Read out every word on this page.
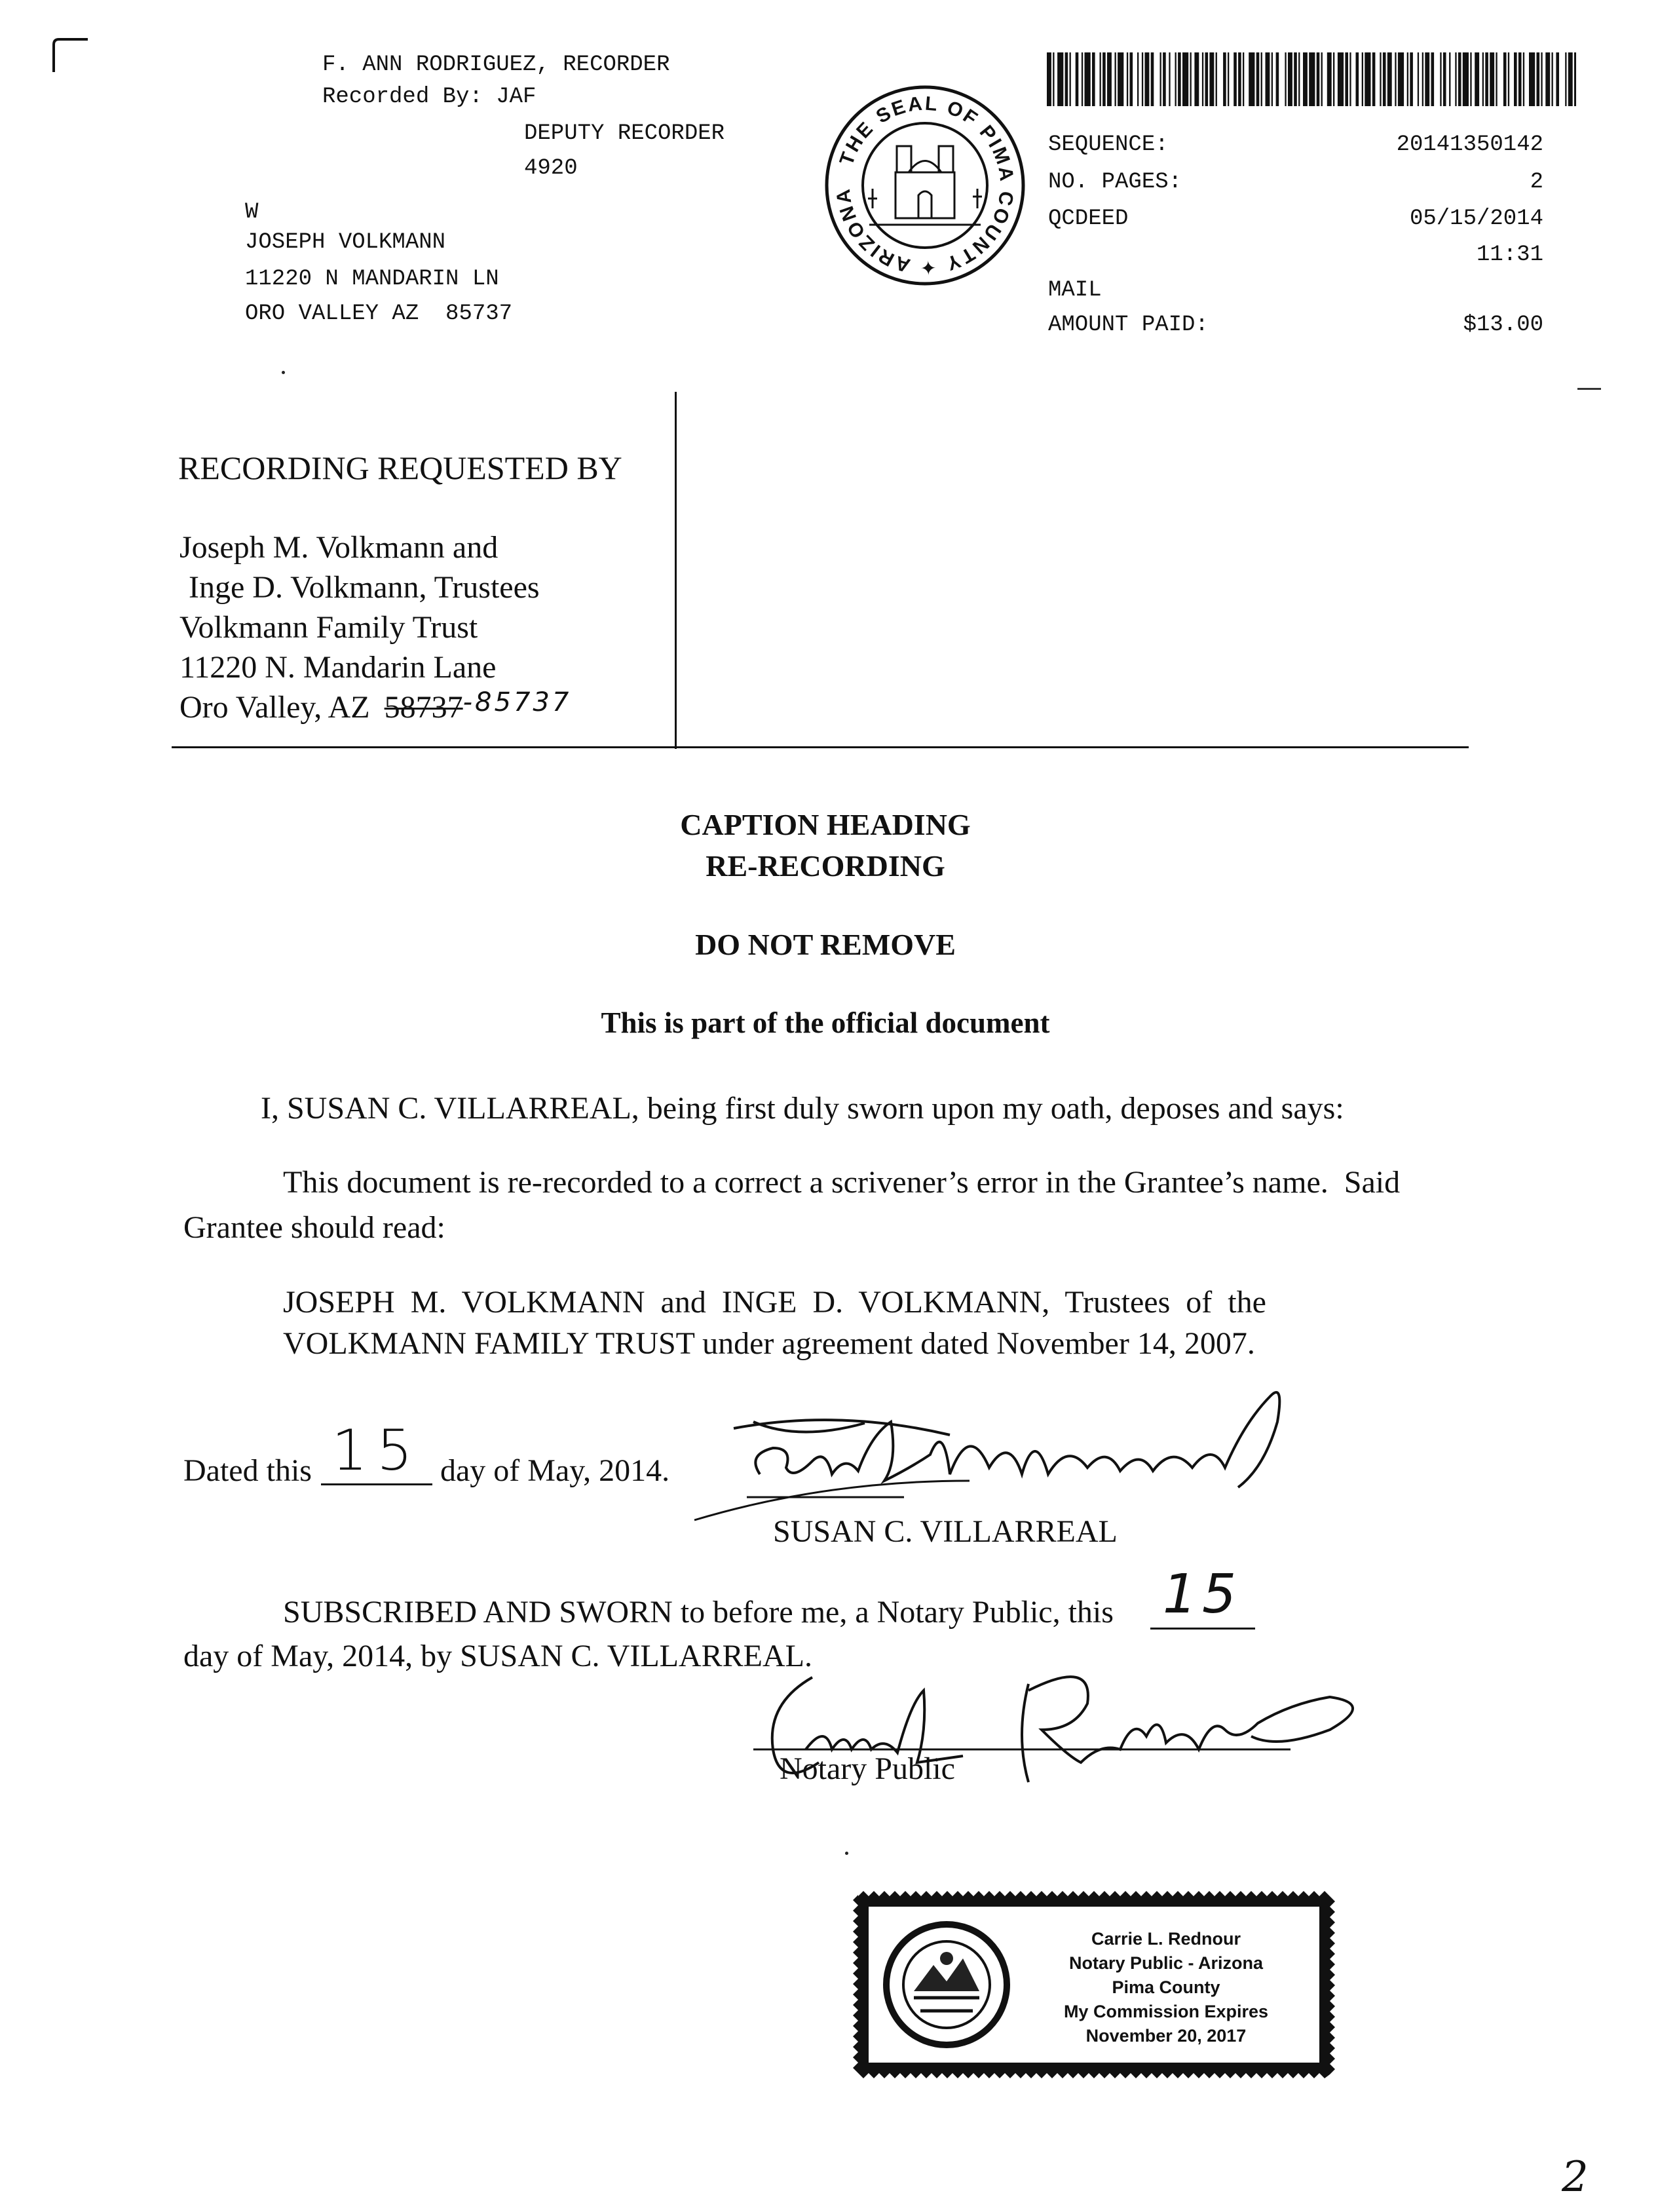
F. ANN RODRIGUEZ, RECORDER
Recorded By: JAF
DEPUTY RECORDER
4920
W
JOSEPH VOLKMANN
11220 N MANDARIN LN
ORO VALLEY AZ  85737
THE SEAL OF PIMA COUNTY ✦ ARIZONA ✦
SEQUENCE:	20141350142
NO. PAGES:	2
QCDEED	05/15/2014
11:31
MAIL
AMOUNT PAID:	$13.00
RECORDING REQUESTED BY
Joseph M. Volkmann and
Inge D. Volkmann, Trustees
Volkmann Family Trust
11220 N. Mandarin Lane
Oro Valley, AZ $58737^{-85737}$
CAPTION HEADING
RE-RECORDING
DO NOT REMOVE
This is part of the official document
I, SUSAN C. VILLARREAL, being first duly sworn upon my oath, deposes and says:
This document is re-recorded to a correct a scrivener’s error in the Grantee’s name.  Said
Grantee should read:
JOSEPH  M.  VOLKMANN  and  INGE  D.  VOLKMANN,  Trustees  of  the
VOLKMANN FAMILY TRUST under agreement dated November 14, 2007.
Dated this 15 day of May, 2014.
SUSAN C. VILLARREAL
SUBSCRIBED AND SWORN to before me, a Notary Public, this 15
day of May, 2014, by SUSAN C. VILLARREAL.
Notary Public
Carrie L. Rednour
Notary Public - Arizona
Pima County
My Commission Expires
November 20, 2017
2
